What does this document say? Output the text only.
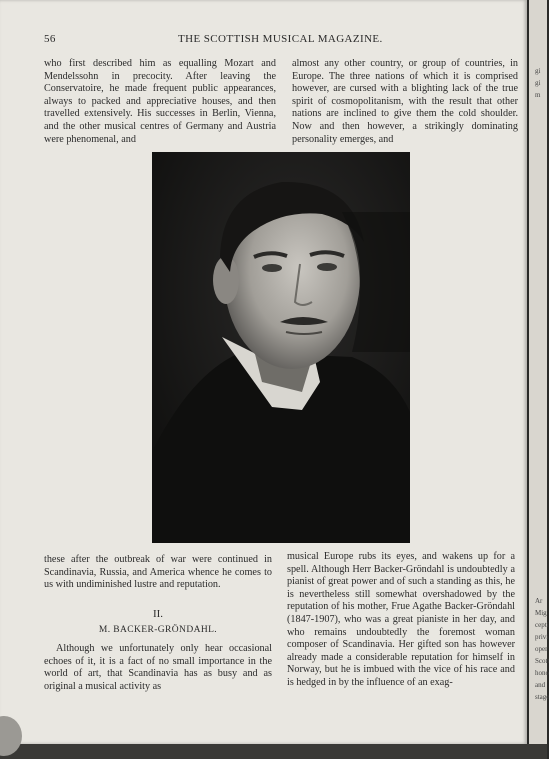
56	THE SCOTTISH MUSICAL MAGAZINE.

who first described him as equalling Mozart and Mendelssohn in precocity. After leaving the Conservatoire, he made frequent public appearances, always to packed and appreciative houses, and then travelled extensively. His successes in Berlin, Vienna, and the other musical centres of Germany and Austria were phenomenal, and

almost any other country, or group of countries, in Europe. The three nations of which it is comprised however, are cursed with a blighting lack of the true spirit of cosmopolitanism, with the result that other nations are inclined to give them the cold shoulder. Now and then however, a strikingly dominating personality emerges, and

these after the outbreak of war were continued in Scandinavia, Russia, and America whence he comes to us with undiminished lustre and reputation.

II.
M. BACKER-GRÖNDAHL.

Although we unfortunately only hear occasional echoes of it, it is a fact of no small importance in the world of art, that Scandinavia has as busy and as original a musical activity as

musical Europe rubs its eyes, and wakens up for a spell. Although Herr Backer-Gröndahl is undoubtedly a pianist of great power and of such a standing as this, he is nevertheless still somewhat overshadowed by the reputation of his mother, Frue Agathe Backer-Gröndahl (1847-1907), who was a great pianiste in her day, and who remains undoubtedly the foremost woman composer of Scandinavia. Her gifted son has however already made a considerable reputation for himself in Norway, but he is imbued with the vice of his race and is hedged in by the influence of an exag-

gi
gi
m
Ar
Mig
cepti
privi
oper
Scott
hono
and
stage
